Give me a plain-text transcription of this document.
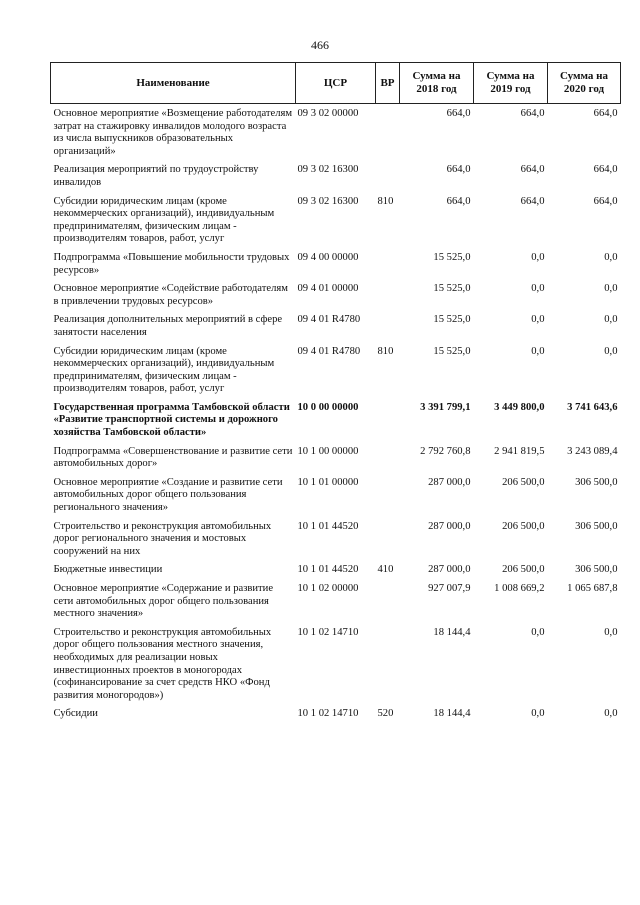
466
Наименование	ЦСР	ВР	Сумма на 2018 год	Сумма на 2019 год	Сумма на 2020 год
Основное мероприятие «Возмещение работодателям затрат на стажировку инвалидов молодого возраста из числа выпускников образовательных организаций»	09 3 02 00000		664,0	664,0	664,0
Реализация мероприятий по трудоустройству инвалидов	09 3 02 16300		664,0	664,0	664,0
Субсидии юридическим лицам (кроме некоммерческих организаций), индивидуальным предпринимателям, физическим лицам - производителям товаров, работ, услуг	09 3 02 16300	810	664,0	664,0	664,0
Подпрограмма «Повышение мобильности трудовых ресурсов»	09 4 00 00000		15 525,0	0,0	0,0
Основное мероприятие «Содействие работодателям в привлечении трудовых ресурсов»	09 4 01 00000		15 525,0	0,0	0,0
Реализация дополнительных мероприятий в сфере занятости населения	09 4 01 R4780		15 525,0	0,0	0,0
Субсидии юридическим лицам (кроме некоммерческих организаций), индивидуальным предпринимателям, физическим лицам - производителям товаров, работ, услуг	09 4 01 R4780	810	15 525,0	0,0	0,0
Государственная программа Тамбовской области «Развитие транспортной системы и дорожного хозяйства Тамбовской области»	10 0 00 00000		3 391 799,1	3 449 800,0	3 741 643,6
Подпрограмма «Совершенствование и развитие сети автомобильных дорог»	10 1 00 00000		2 792 760,8	2 941 819,5	3 243 089,4
Основное мероприятие «Создание и развитие сети автомобильных дорог общего пользования регионального значения»	10 1 01 00000		287 000,0	206 500,0	306 500,0
Строительство и реконструкция автомобильных дорог регионального значения и мостовых сооружений на них	10 1 01 44520		287 000,0	206 500,0	306 500,0
Бюджетные инвестиции	10 1 01 44520	410	287 000,0	206 500,0	306 500,0
Основное мероприятие «Содержание и развитие сети автомобильных дорог общего пользования местного значения»	10 1 02 00000		927 007,9	1 008 669,2	1 065 687,8
Строительство и реконструкция автомобильных дорог общего пользования местного значения, необходимых для реализации новых инвестиционных проектов в моногородах (софинансирование за счет средств НКО «Фонд развития моногородов»)	10 1 02 14710		18 144,4	0,0	0,0
Субсидии	10 1 02 14710	520	18 144,4	0,0	0,0
